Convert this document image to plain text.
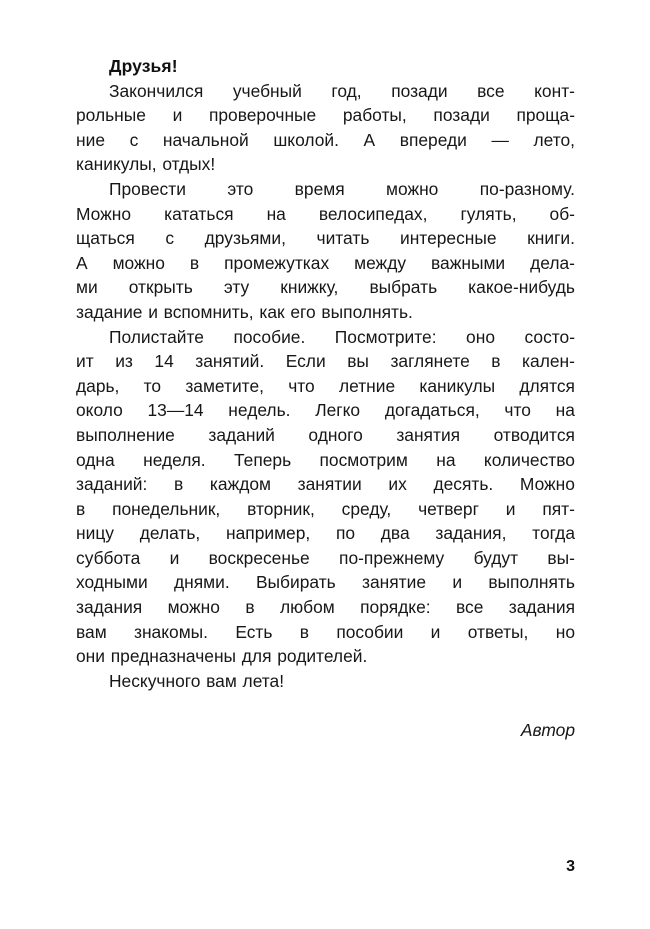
Друзья!

Закончился учебный год, позади все конт-
рольные и проверочные работы, позади проща-
ние с начальной школой. А впереди — лето,
каникулы, отдых!

Провести это время можно по-разному.
Можно кататься на велосипедах, гулять, об-
щаться с друзьями, читать интересные книги.
А можно в промежутках между важными дела-
ми открыть эту книжку, выбрать какое-нибудь
задание и вспомнить, как его выполнять.

Полистайте пособие. Посмотрите: оно состо-
ит из 14 занятий. Если вы заглянете в кален-
дарь, то заметите, что летние каникулы длятся
около 13—14 недель. Легко догадаться, что на
выполнение заданий одного занятия отводится
одна неделя. Теперь посмотрим на количество
заданий: в каждом занятии их десять. Можно
в понедельник, вторник, среду, четверг и пят-
ницу делать, например, по два задания, тогда
суббота и воскресенье по-прежнему будут вы-
ходными днями. Выбирать занятие и выполнять
задания можно в любом порядке: все задания
вам знакомы. Есть в пособии и ответы, но
они предназначены для родителей.

Нескучного вам лета!

Автор

3
